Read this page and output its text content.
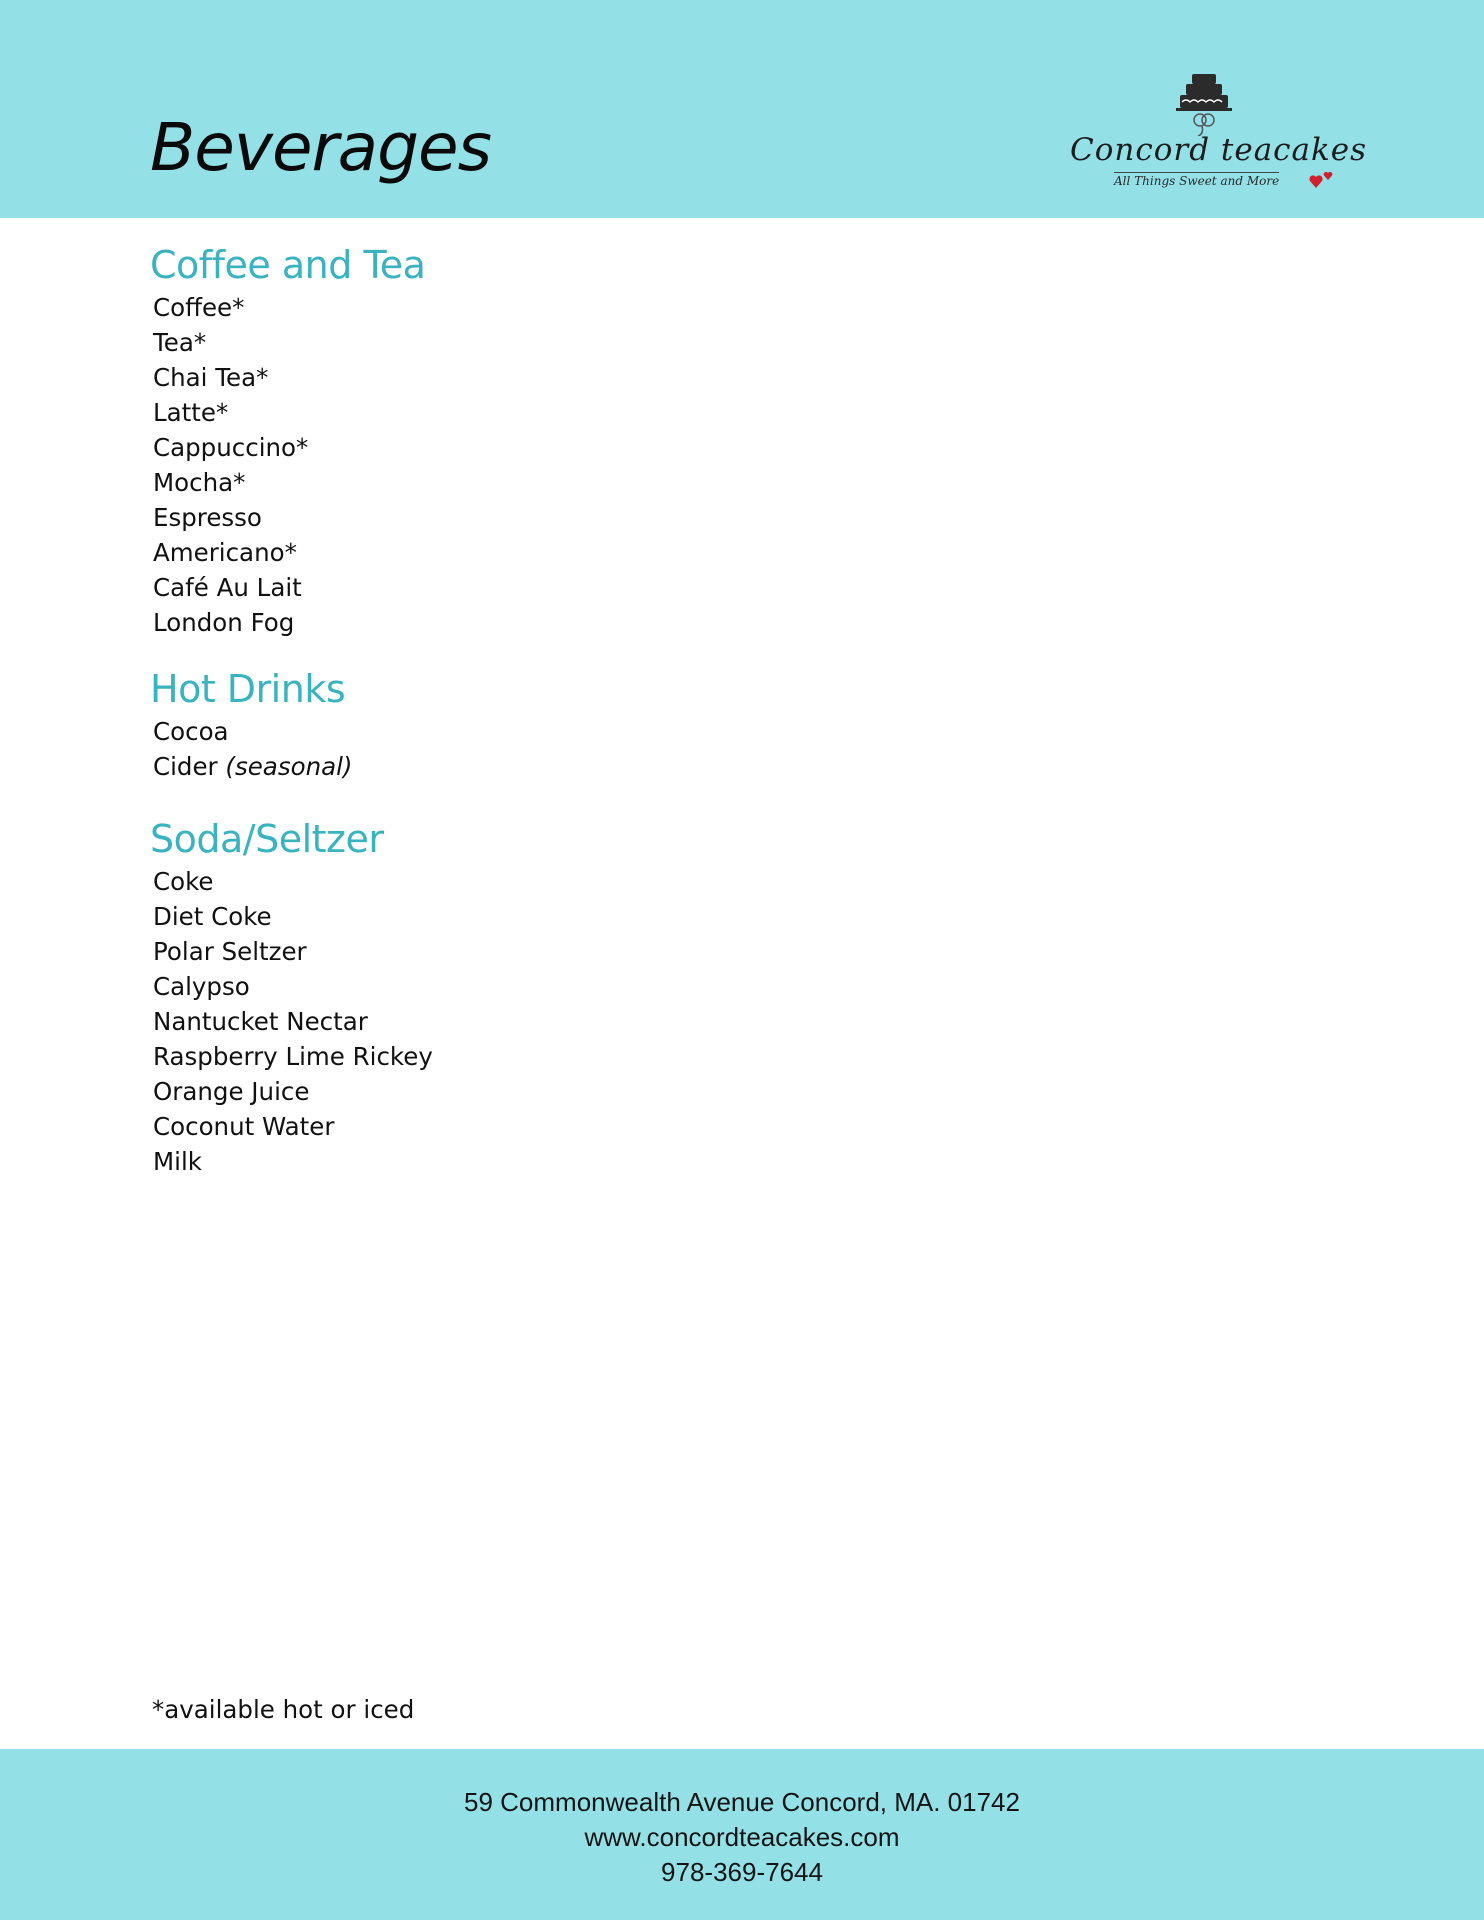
Beverages	Concord teacakes
All Things Sweet and More
Coffee and Tea
Coffee*
Tea*
Chai Tea*
Latte*
Cappuccino*
Mocha*
Espresso
Americano*
Café Au Lait
London Fog
Hot Drinks
Cocoa
Cider (seasonal)
Soda/Seltzer
Coke
Diet Coke
Polar Seltzer
Calypso
Nantucket Nectar
Raspberry Lime Rickey
Orange Juice
Coconut Water
Milk
*available hot or iced
59 Commonwealth Avenue Concord, MA. 01742
www.concordteacakes.com
978-369-7644
